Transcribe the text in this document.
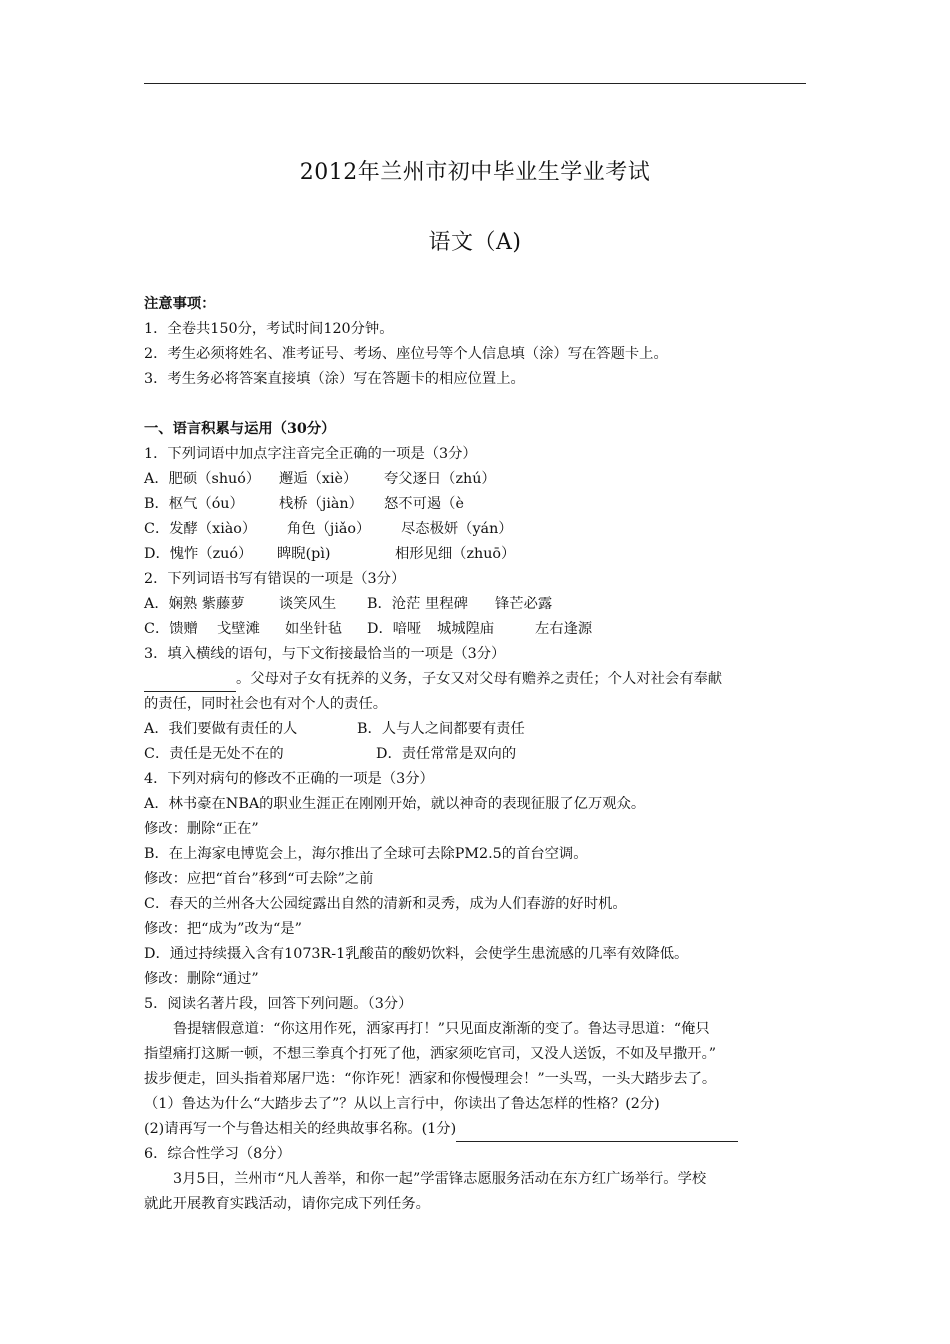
2012年兰州市初中毕业生学业考试
语文（A)
注意事项：
1．全卷共150分，考试时间120分钟。
2．考生必须将姓名、准考证号、考场、座位号等个人信息填（涂）写在答题卡上。
3．考生务必将答案直接填（涂）写在答题卡的相应位置上。
一、语言积累与运用（30分）
1．下列词语中加点字注音完全正确的一项是（3分）
A．肥硕（shuó） 邂逅（xiè） 夸父逐日（zhú）
B．枢气（óu） 栈桥（jiàn） 怒不可遏（è
C．发酵（xiào） 角色（jiǎo） 尽态极妍（yán）
D．愧怍（zuó） 睥睨(pì)	相形见细（zhuō）
2．下列词语书写有错误的一项是（3分）
A．娴熟 紫藤萝 谈笑风生 B．沧茫 里程碑 锋芒必露
C．馈赠 戈壁滩 如坐针毡 D．喑哑 城城隍庙	左右逢源
3．填入横线的语句，与下文衔接最恰当的一项是（3分）
。父母对子女有抚养的义务，子女又对父母有赡养之责任；个人对社会有奉献
的责任，同时社会也有对个人的责任。
A．我们要做有责任的人	B．人与人之间都要有责任
C．责任是无处不在的	D．责任常常是双向的
4．下列对病句的修改不正确的一项是（3分）
A．林书豪在NBA的职业生涯正在刚刚开始，就以神奇的表现征服了亿万观众。
修改：删除“正在”
B．在上海家电博览会上，海尔推出了全球可去除PM2.5的首台空调。
修改：应把“首台”移到“可去除”之前
C．春天的兰州各大公园绽露出自然的清新和灵秀，成为人们春游的好时机。
修改：把“成为”改为“是”
D．通过持续摄入含有1073R-1乳酸苗的酸奶饮料，会使学生患流感的几率有效降低。
修改：删除“通过”
5．阅读名著片段，回答下列问题。（3分）
鲁提辖假意道：“你这用作死，洒家再打！”只见面皮渐渐的变了。鲁达寻思道：“俺只
指望痛打这厮一顿，不想三拳真个打死了他，洒家须吃官司，又没人送饭，不如及早撒开。”
拔步便走，回头指着郑屠尸选：“你诈死！洒家和你慢慢理会！”一头骂，一头大踏步去了。
（1）鲁达为什么“大踏步去了”？从以上言行中，你读出了鲁达怎样的性格？(2分)
(2)请再写一个与鲁达相关的经典故事名称。(1分)
6．综合性学习（8分）
3月5日，兰州市“凡人善举，和你一起”学雷锋志愿服务活动在东方红广场举行。学校
就此开展教育实践活动，请你完成下列任务。
